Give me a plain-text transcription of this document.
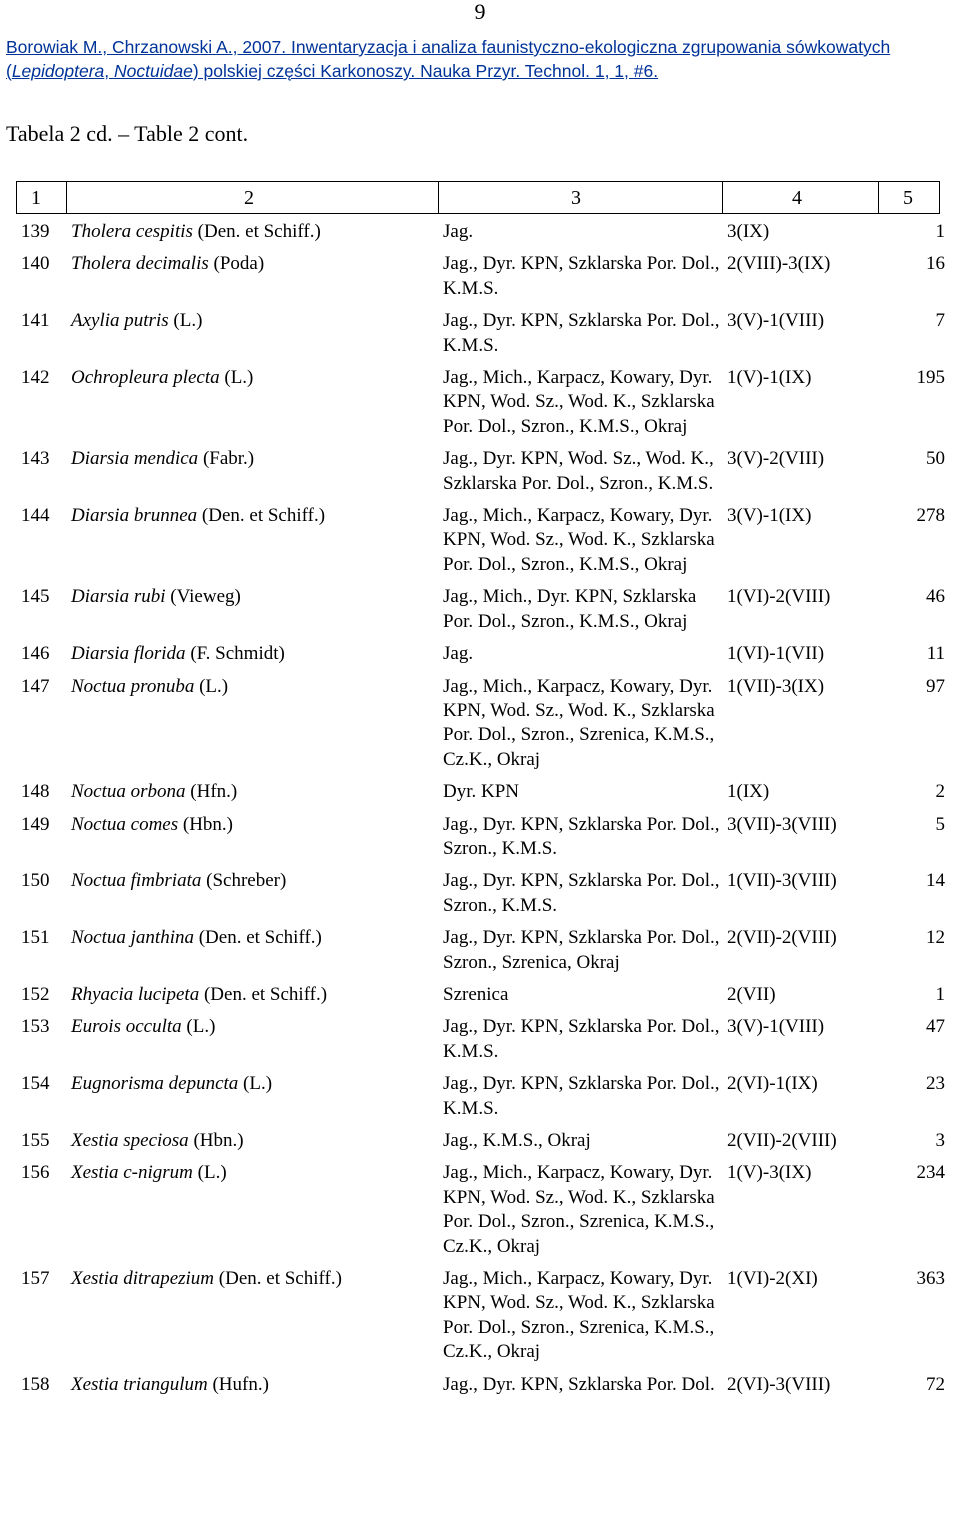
9
Borowiak M., Chrzanowski A., 2007. Inwentaryzacja i analiza faunistyczno-ekologiczna zgrupowania sówkowatych
(Lepidoptera, Noctuidae) polskiej części Karkonoszy. Nauka Przyr. Technol. 1, 1, #6.
Tabela 2 cd. – Table 2 cont.
1	2	3	4	5
139	Tholera cespitis (Den. et Schiff.)	Jag.	3(IX)	1
140	Tholera decimalis (Poda)	Jag., Dyr. KPN, Szklarska Por. Dol., K.M.S.	2(VIII)-3(IX)	16
141	Axylia putris (L.)	Jag., Dyr. KPN, Szklarska Por. Dol., K.M.S.	3(V)-1(VIII)	7
142	Ochropleura plecta (L.)	Jag., Mich., Karpacz, Kowary, Dyr. KPN, Wod. Sz., Wod. K., Szklarska Por. Dol., Szron., K.M.S., Okraj	1(V)-1(IX)	195
143	Diarsia mendica (Fabr.)	Jag., Dyr. KPN, Wod. Sz., Wod. K., Szklarska Por. Dol., Szron., K.M.S.	3(V)-2(VIII)	50
144	Diarsia brunnea (Den. et Schiff.)	Jag., Mich., Karpacz, Kowary, Dyr. KPN, Wod. Sz., Wod. K., Szklarska Por. Dol., Szron., K.M.S., Okraj	3(V)-1(IX)	278
145	Diarsia rubi (Vieweg)	Jag., Mich., Dyr. KPN, Szklarska Por. Dol., Szron., K.M.S., Okraj	1(VI)-2(VIII)	46
146	Diarsia florida (F. Schmidt)	Jag.	1(VI)-1(VII)	11
147	Noctua pronuba (L.)	Jag., Mich., Karpacz, Kowary, Dyr. KPN, Wod. Sz., Wod. K., Szklarska Por. Dol., Szron., Szrenica, K.M.S., Cz.K., Okraj	1(VII)-3(IX)	97
148	Noctua orbona (Hfn.)	Dyr. KPN	1(IX)	2
149	Noctua comes (Hbn.)	Jag., Dyr. KPN, Szklarska Por. Dol., Szron., K.M.S.	3(VII)-3(VIII)	5
150	Noctua fimbriata (Schreber)	Jag., Dyr. KPN, Szklarska Por. Dol., Szron., K.M.S.	1(VII)-3(VIII)	14
151	Noctua janthina (Den. et Schiff.)	Jag., Dyr. KPN, Szklarska Por. Dol., Szron., Szrenica, Okraj	2(VII)-2(VIII)	12
152	Rhyacia lucipeta (Den. et Schiff.)	Szrenica	2(VII)	1
153	Eurois occulta (L.)	Jag., Dyr. KPN, Szklarska Por. Dol., K.M.S.	3(V)-1(VIII)	47
154	Eugnorisma depuncta (L.)	Jag., Dyr. KPN, Szklarska Por. Dol., K.M.S.	2(VI)-1(IX)	23
155	Xestia speciosa (Hbn.)	Jag., K.M.S., Okraj	2(VII)-2(VIII)	3
156	Xestia c-nigrum (L.)	Jag., Mich., Karpacz, Kowary, Dyr. KPN, Wod. Sz., Wod. K., Szklarska Por. Dol., Szron., Szrenica, K.M.S., Cz.K., Okraj	1(V)-3(IX)	234
157	Xestia ditrapezium (Den. et Schiff.)	Jag., Mich., Karpacz, Kowary, Dyr. KPN, Wod. Sz., Wod. K., Szklarska Por. Dol., Szron., Szrenica, K.M.S., Cz.K., Okraj	1(VI)-2(XI)	363
158	Xestia triangulum (Hufn.)	Jag., Dyr. KPN, Szklarska Por. Dol.	2(VI)-3(VIII)	72
